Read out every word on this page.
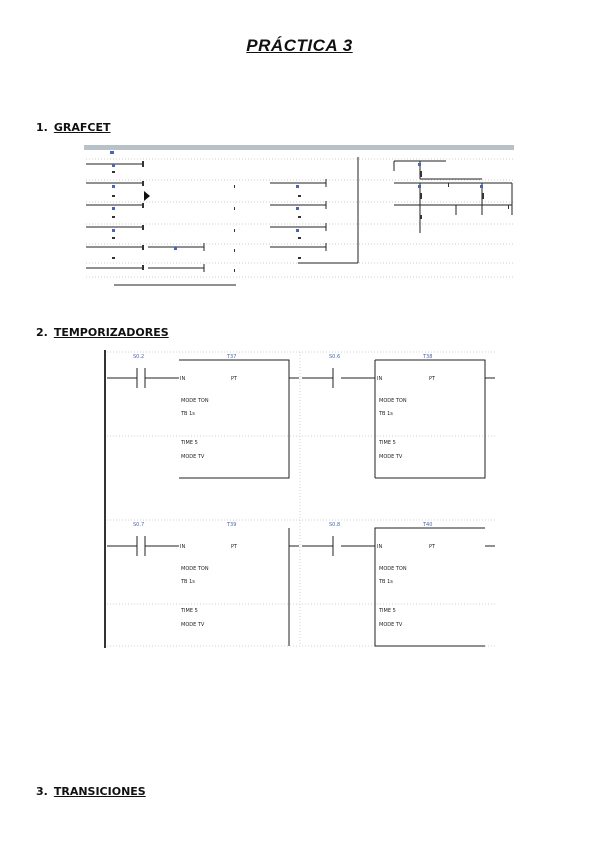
PRÁCTICA 3
1. GRAFCET
2. TEMPORIZADORES
S0.2	T37
IN	PT
MODE TON
TB 1s
TIME 5
MODE TV
S0.6	T38
IN	PT
MODE TON
TB 1s
TIME 5
MODE TV
S0.7	T39
IN	PT
MODE TON
TB 1s
TIME 5
MODE TV
S0.8	T40
IN	PT
MODE TON
TB 1s
TIME 5
MODE TV
3. TRANSICIONES
